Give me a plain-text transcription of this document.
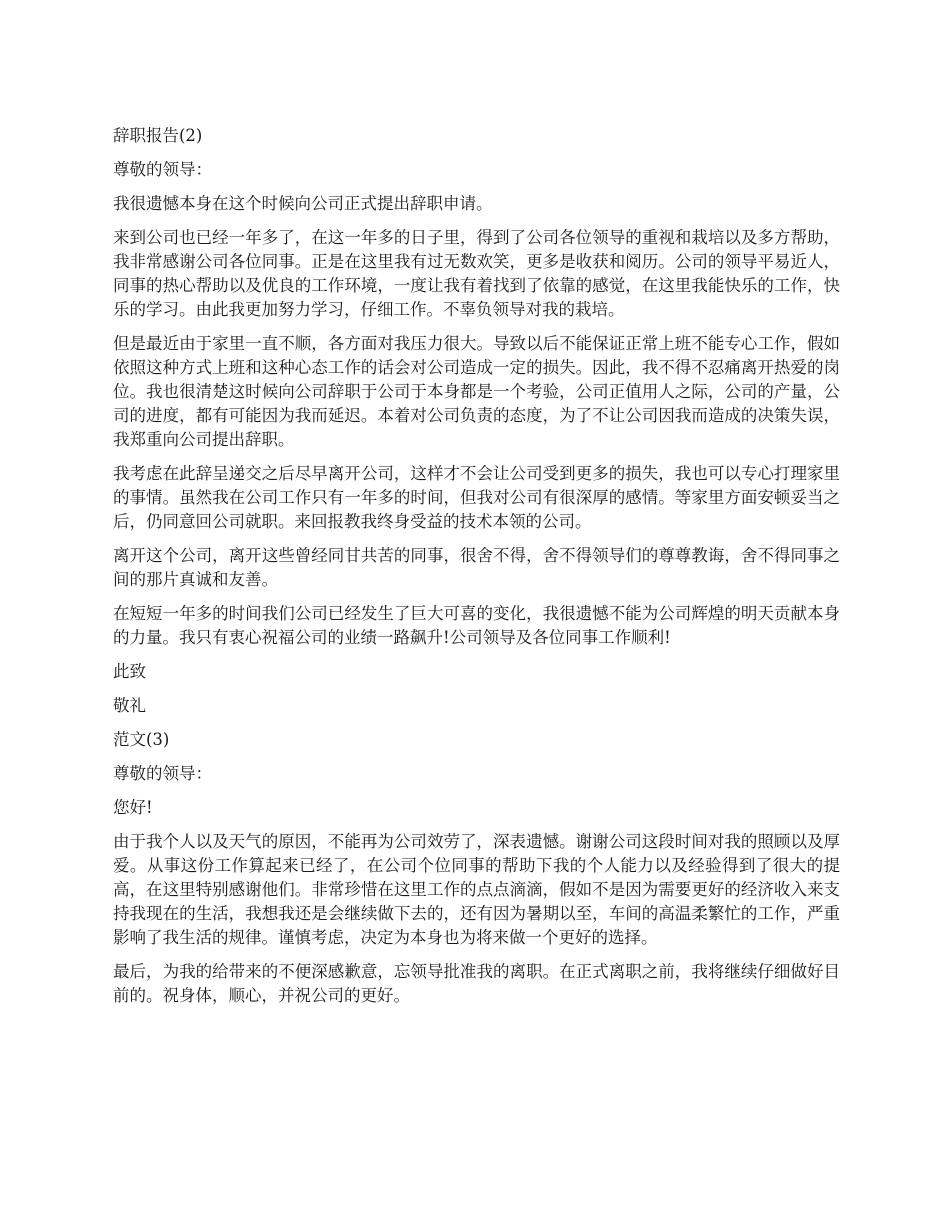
辞职报告(2)

尊敬的领导：

我很遗憾本身在这个时候向公司正式提出辞职申请。

来到公司也已经一年多了，在这一年多的日子里，得到了公司各位领导的重视和栽培以及多方帮助，我非常感谢公司各位同事。正是在这里我有过无数欢笑，更多是收获和阅历。公司的领导平易近人，同事的热心帮助以及优良的工作环境，一度让我有着找到了依靠的感觉，在这里我能快乐的工作，快乐的学习。由此我更加努力学习，仔细工作。不辜负领导对我的栽培。

但是最近由于家里一直不顺，各方面对我压力很大。导致以后不能保证正常上班不能专心工作，假如依照这种方式上班和这种心态工作的话会对公司造成一定的损失。因此，我不得不忍痛离开热爱的岗位。我也很清楚这时候向公司辞职于公司于本身都是一个考验，公司正值用人之际，公司的产量，公司的进度，都有可能因为我而延迟。本着对公司负责的态度，为了不让公司因我而造成的决策失误，我郑重向公司提出辞职。

我考虑在此辞呈递交之后尽早离开公司，这样才不会让公司受到更多的损失，我也可以专心打理家里的事情。虽然我在公司工作只有一年多的时间，但我对公司有很深厚的感情。等家里方面安顿妥当之后，仍同意回公司就职。来回报教我终身受益的技术本领的公司。

离开这个公司，离开这些曾经同甘共苦的同事，很舍不得，舍不得领导们的尊尊教诲，舍不得同事之间的那片真诚和友善。

在短短一年多的时间我们公司已经发生了巨大可喜的变化，我很遗憾不能为公司辉煌的明天贡献本身的力量。我只有衷心祝福公司的业绩一路飙升!公司领导及各位同事工作顺利!

此致

敬礼

范文(3)

尊敬的领导：

您好!

由于我个人以及天气的原因，不能再为公司效劳了，深表遗憾。谢谢公司这段时间对我的照顾以及厚爱。从事这份工作算起来已经了，在公司个位同事的帮助下我的个人能力以及经验得到了很大的提高，在这里特别感谢他们。非常珍惜在这里工作的点点滴滴，假如不是因为需要更好的经济收入来支持我现在的生活，我想我还是会继续做下去的，还有因为暑期以至，车间的高温柔繁忙的工作，严重影响了我生活的规律。谨慎考虑，决定为本身也为将来做一个更好的选择。

最后，为我的给带来的不便深感歉意，忘领导批准我的离职。在正式离职之前，我将继续仔细做好目前的。祝身体，顺心，并祝公司的更好。
